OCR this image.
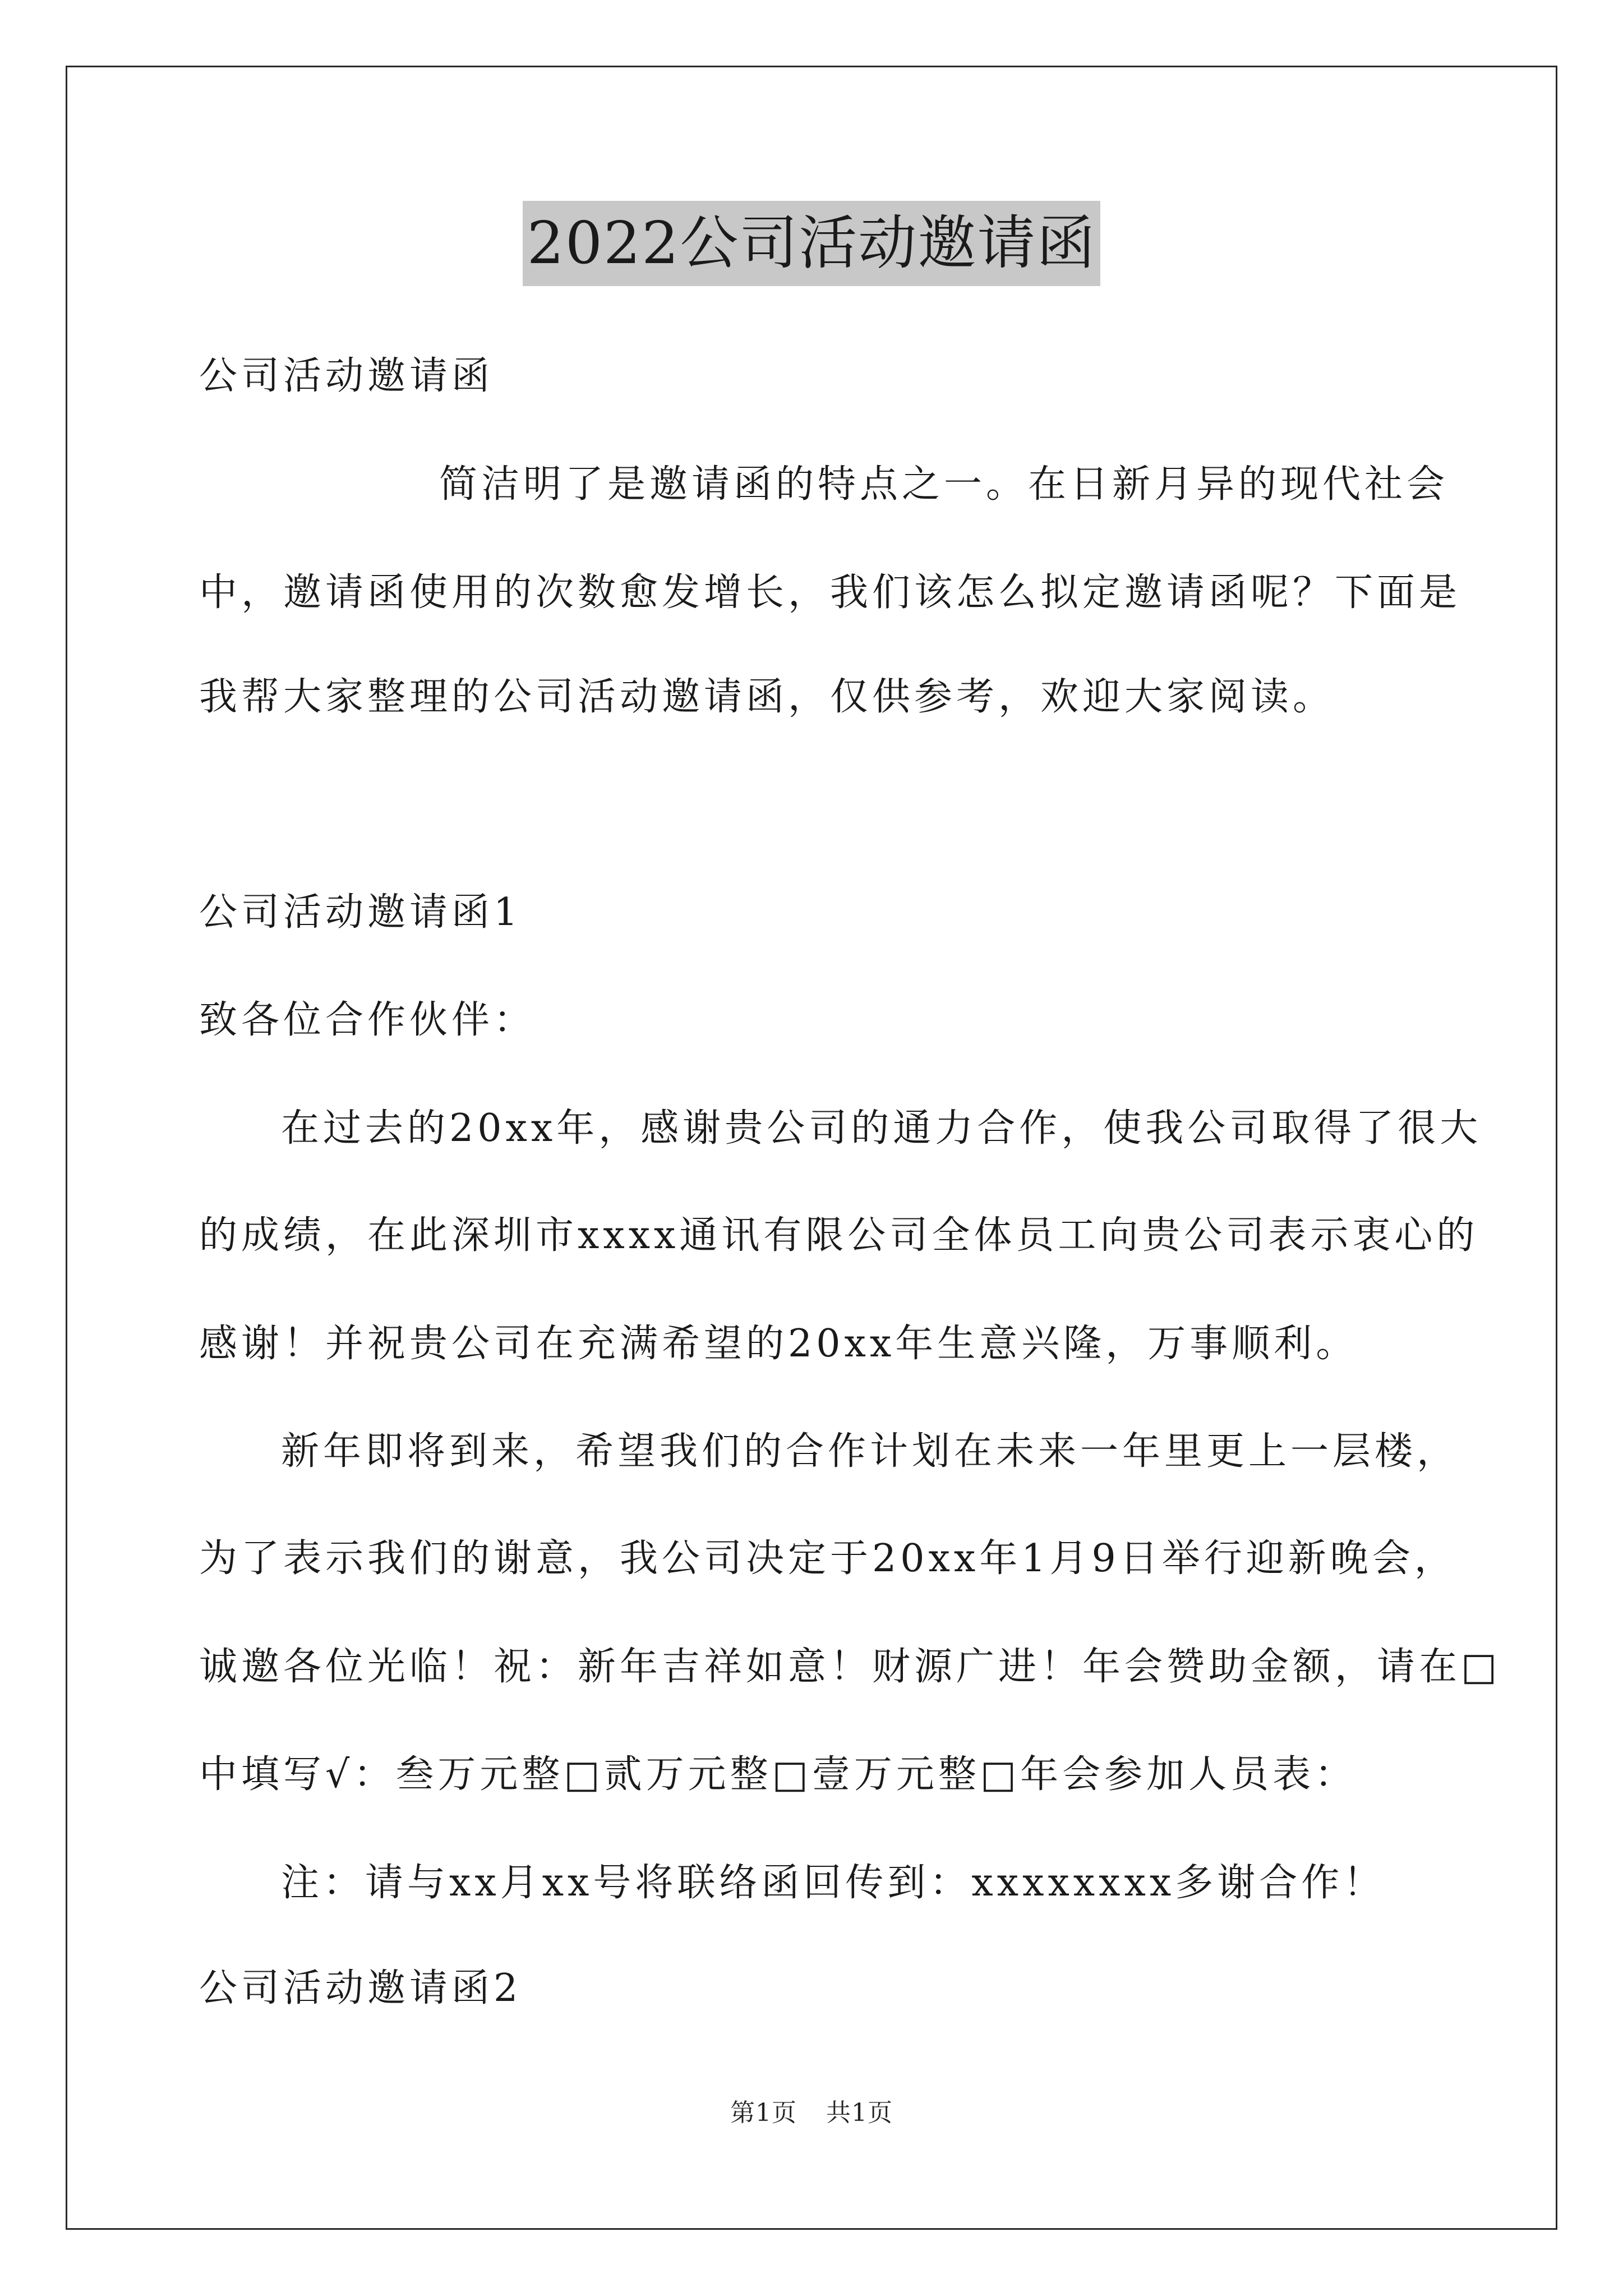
2022公司活动邀请函
公司活动邀请函
简洁明了是邀请函的特点之一。在日新月异的现代社会
中，邀请函使用的次数愈发增长，我们该怎么拟定邀请函呢？下面是
我帮大家整理的公司活动邀请函，仅供参考，欢迎大家阅读。
公司活动邀请函1
致各位合作伙伴：
在过去的20xx年，感谢贵公司的通力合作，使我公司取得了很大
的成绩，在此深圳市xxxx通讯有限公司全体员工向贵公司表示衷心的
感谢！并祝贵公司在充满希望的20xx年生意兴隆，万事顺利。
新年即将到来，希望我们的合作计划在未来一年里更上一层楼，
为了表示我们的谢意，我公司决定于20xx年1月9日举行迎新晚会，
诚邀各位光临！祝：新年吉祥如意！财源广进！年会赞助金额，请在□
中填写√：叁万元整□贰万元整□壹万元整□年会参加人员表：
注：请与xx月xx号将联络函回传到：xxxxxxxx多谢合作！
公司活动邀请函2
第1页 共1页
